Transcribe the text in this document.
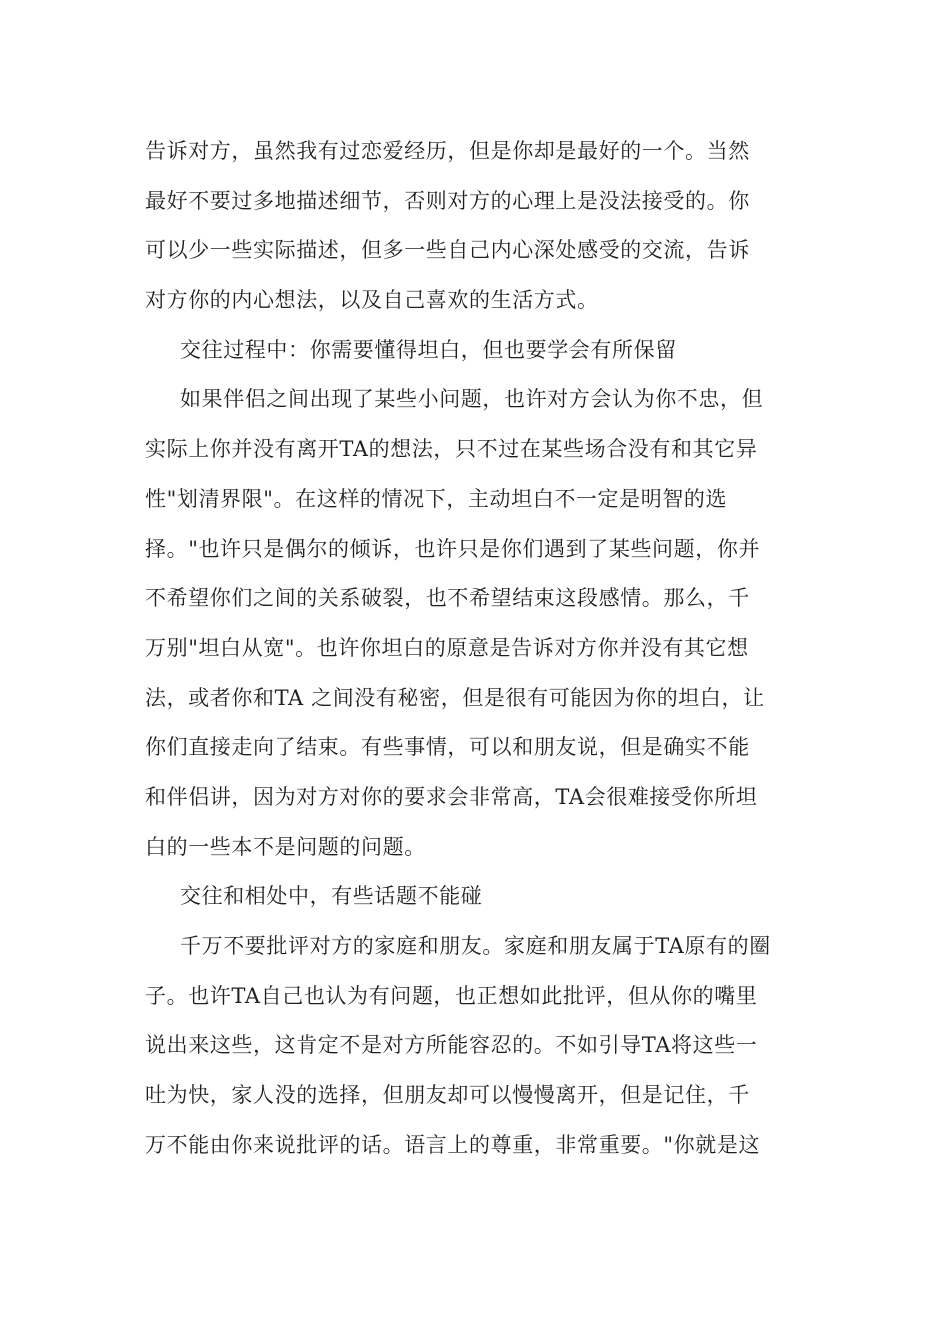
告诉对方，虽然我有过恋爱经历，但是你却是最好的一个。当然
最好不要过多地描述细节，否则对方的心理上是没法接受的。你
可以少一些实际描述，但多一些自己内心深处感受的交流，告诉
对方你的内心想法，以及自己喜欢的生活方式。
交往过程中：你需要懂得坦白，但也要学会有所保留
如果伴侣之间出现了某些小问题，也许对方会认为你不忠，但
实际上你并没有离开TA的想法，只不过在某些场合没有和其它异
性"划清界限"。在这样的情况下，主动坦白不一定是明智的选
择。"也许只是偶尔的倾诉，也许只是你们遇到了某些问题，你并
不希望你们之间的关系破裂，也不希望结束这段感情。那么，千
万别"坦白从宽"。也许你坦白的原意是告诉对方你并没有其它想
法，或者你和TA 之间没有秘密，但是很有可能因为你的坦白，让
你们直接走向了结束。有些事情，可以和朋友说，但是确实不能
和伴侣讲，因为对方对你的要求会非常高，TA会很难接受你所坦
白的一些本不是问题的问题。
交往和相处中，有些话题不能碰
千万不要批评对方的家庭和朋友。家庭和朋友属于TA原有的圈
子。也许TA自己也认为有问题，也正想如此批评，但从你的嘴里
说出来这些，这肯定不是对方所能容忍的。不如引导TA将这些一
吐为快，家人没的选择，但朋友却可以慢慢离开，但是记住，千
万不能由你来说批评的话。语言上的尊重，非常重要。"你就是这
